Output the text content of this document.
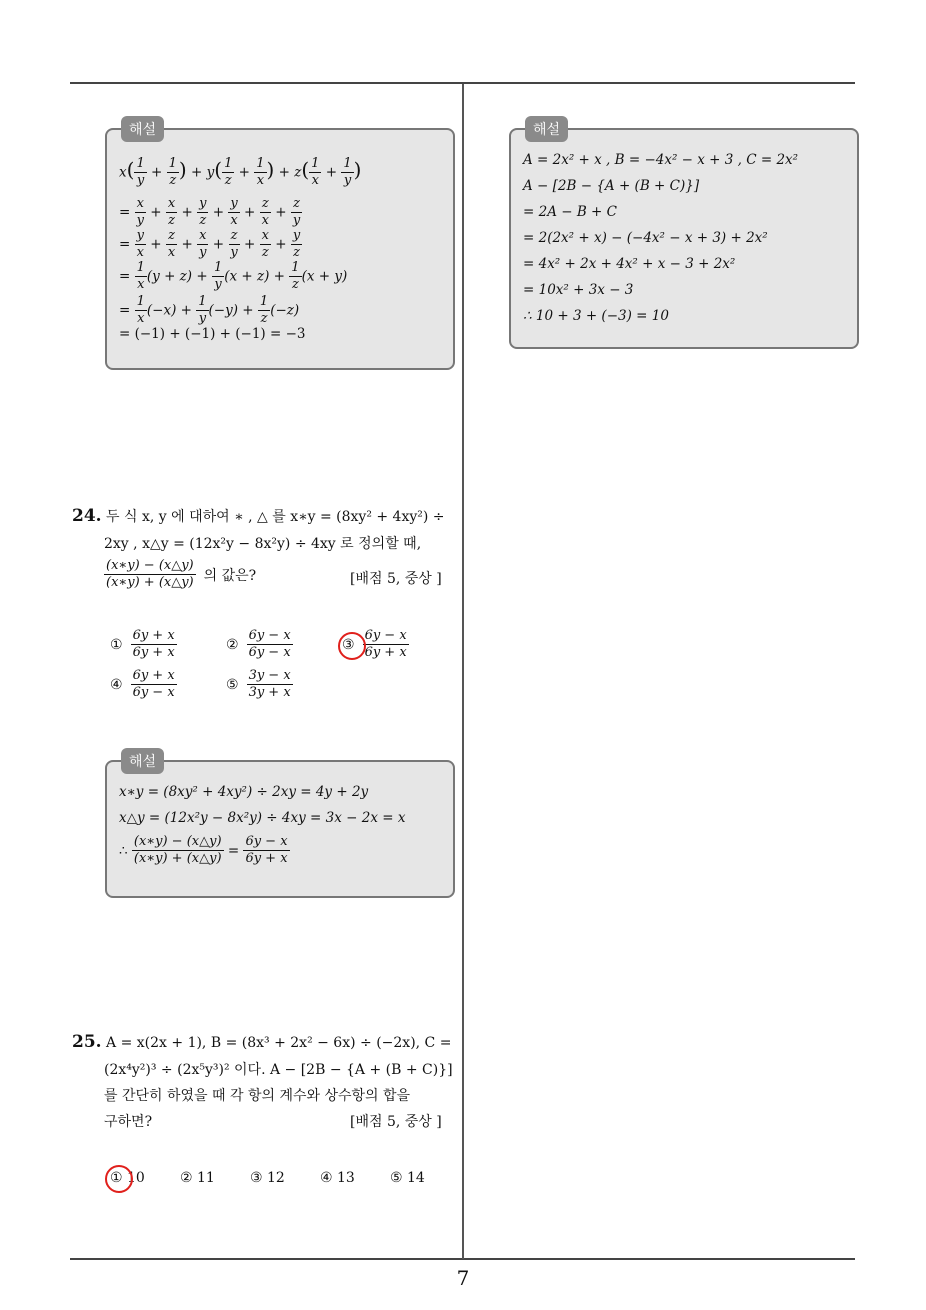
해설
$x( \frac{1}{y} + \frac{1}{z}$ ) + $y( \frac{1}{z} + \frac{1}{x}$ ) + $z( \frac{1}{x} + \frac{1}{y}$ )
= $\frac{x}{y} + \frac{x}{z} + \frac{y}{z} + \frac{y}{x} + \frac{z}{x} + \frac{z}{y}$
= $\frac{y}{x} + \frac{z}{x} + \frac{x}{y} + \frac{z}{y} + \frac{x}{z} + \frac{y}{z}$
= $\frac{1}{x} (y + z) + \frac{1}{y} (x + z) + \frac{1}{z} (x + y)$
= $\frac{1}{x} (-x) + \frac{1}{y} (-y) + \frac{1}{z} (-z)$
= (−1) + (−1) + (−1) = −3
해설
A = 2x² + x , B = −4x² − x + 3 , C = 2x²
A − [2B − {A + (B + C)}]
= 2A − B + C
= 2(2x² + x) − (−4x² − x + 3) + 2x²
= 4x² + 2x + 4x² + x − 3 + 2x²
= 10x² + 3x − 3
∴ 10 + 3 + (−3) = 10
24. 두 식 x, y 에 대하여 ∗ , △ 를 x∗y = (8xy² + 4xy²) ÷
2xy , x△y = (12x²y − 8x²y) ÷ 4xy 로 정의할 때,
$\frac{(x∗y) - (x\triangle y)}{(x∗y) + (x\triangle y)}$ 의 값은?	[배점 5, 중상 ]
① $\frac{6y + x}{6y + x}$	② $\frac{6y - x}{6y - x}$	③ $\frac{6y - x}{6y + x}$
④ $\frac{6y + x}{6y - x}$	⑤ $\frac{3y - x}{3y + x}$
해설
x∗y = (8xy² + 4xy²) ÷ 2xy = 4y + 2y
x△y = (12x²y − 8x²y) ÷ 4xy = 3x − 2x = x
∴
$\frac{(x∗y) - (x\triangle y)}{(x∗y) + (x\triangle y)} = \frac{6y - x}{6y + x}$
25. A = x(2x + 1), B = (8x³ + 2x² − 6x) ÷ (−2x), C =
(2x⁴y²)³ ÷ (2x⁵y³)² 이다. A − [2B − {A + (B + C)}]
를 간단히 하였을 때 각 항의 계수와 상수항의 합을
구하면?	[배점 5, 중상 ]
① 10	② 11	③ 12	④ 13	⑤ 14
7
